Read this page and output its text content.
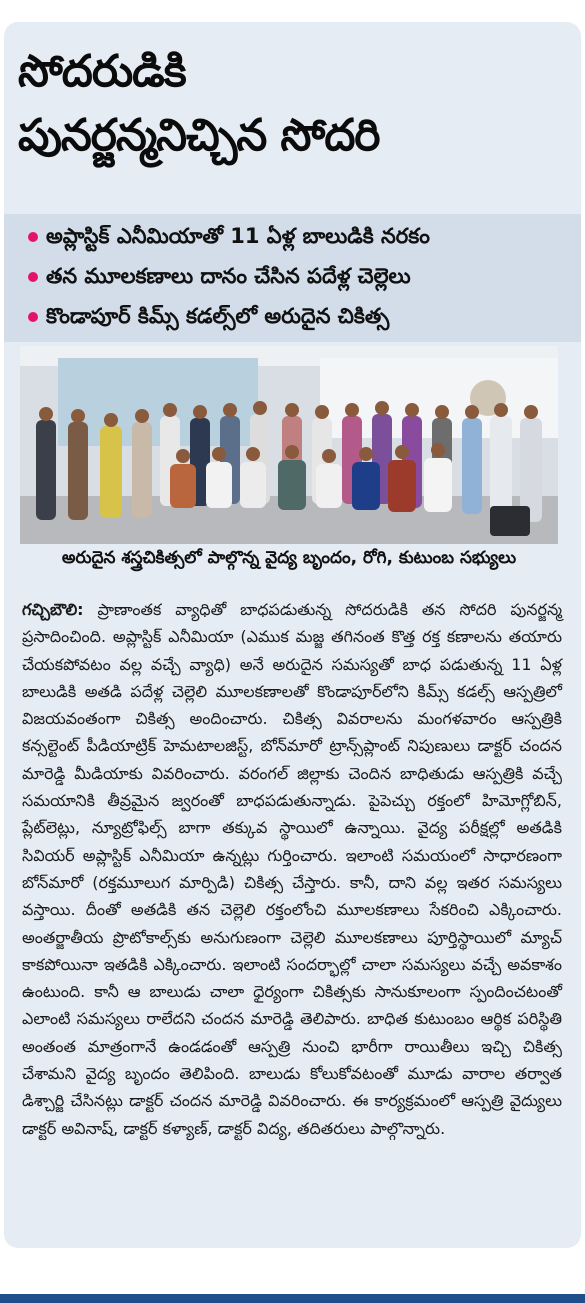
సోదరుడికి
పునర్జన్మనిచ్చిన సోదరి
అప్లాస్టిక్ ఎనీమియాతో 11 ఏళ్ల బాలుడికి నరకం
తన మూలకణాలు దానం చేసిన పదేళ్ల చెల్లెలు
కొండాపూర్ కిమ్స్ కడల్స్‌లో అరుదైన చికిత్స
అరుదైన శస్త్రచికిత్సలో పాల్గొన్న వైద్య బృందం, రోగి, కుటుంబ సభ్యులు
గచ్చిబౌలి: ప్రాణాంతక వ్యాధితో బాధపడుతున్న సోదరుడికి తన సోదరి పునర్జన్మ ప్రసాదించింది. అప్లాస్టిక్ ఎనీమియా (ఎముక మజ్జ తగినంత కొత్త రక్త కణాలను తయారు చేయకపోవటం వల్ల వచ్చే వ్యాధి) అనే అరుదైన సమస్యతో బాధ పడుతున్న 11 ఏళ్ల బాలుడికి అతడి పదేళ్ల చెల్లెలి మూలకణాలతో కొండాపూర్‌లోని కిమ్స్ కడల్స్ ఆస్పత్రిలో విజయవంతంగా చికిత్స అందించారు. చికిత్స వివరాలను మంగళవారం ఆస్పత్రికి కన్సల్టెంట్ పీడియాట్రిక్ హెమటాలజిస్ట్, బోన్‌మారో ట్రాన్స్‌ప్లాంట్ నిపుణులు డాక్టర్ చందన మారెడ్డి మీడియాకు వివరించారు. వరంగల్ జిల్లాకు చెందిన బాధితుడు ఆస్పత్రికి వచ్చే సమయానికి తీవ్రమైన జ్వరంతో బాధపడుతున్నాడు. పైపెచ్చు రక్తంలో హిమోగ్లోబిన్, ప్లేట్‌లెట్లు, న్యూట్రోఫిల్స్ బాగా తక్కువ స్థాయిలో ఉన్నాయి. వైద్య పరీక్షల్లో అతడికి సివియర్ అప్లాస్టిక్ ఎనీమియా ఉన్నట్లు గుర్తించారు. ఇలాంటి సమయంలో సాధారణంగా బోన్‌మారో (రక్తమూలుగ మార్పిడి) చికిత్స చేస్తారు. కానీ, దాని వల్ల ఇతర సమస్యలు వస్తాయి. దీంతో అతడికి తన చెల్లెలి రక్తంలోంచి మూలకణాలు సేకరించి ఎక్కించారు. అంతర్జాతీయ ప్రొటోకాల్స్‌కు అనుగుణంగా చెల్లెలి మూలకణాలు పూర్తిస్థాయిలో మ్యాచ్ కాకపోయినా ఇతడికి ఎక్కించారు. ఇలాంటి సందర్భాల్లో చాలా సమస్యలు వచ్చే అవకాశం ఉంటుంది. కానీ ఆ బాలుడు చాలా ధైర్యంగా చికిత్సకు సానుకూలంగా స్పందించటంతో ఎలాంటి సమస్యలు రాలేదని చందన మారెడ్డి తెలిపారు. బాధిత కుటుంబం ఆర్థిక పరిస్థితి అంతంత మాత్రంగానే ఉండడంతో ఆస్పత్రి నుంచి భారీగా రాయితీలు ఇచ్చి చికిత్స చేశామని వైద్య బృందం తెలిపింది. బాలుడు కోలుకోవటంతో మూడు వారాల తర్వాత డిశ్చార్జి చేసినట్లు డాక్టర్ చందన మారెడ్డి వివరించారు. ఈ కార్యక్రమంలో ఆస్పత్రి వైద్యులు డాక్టర్ అవినాష్, డాక్టర్ కళ్యాణ్, డాక్టర్ విద్య, తదితరులు పాల్గొన్నారు.
